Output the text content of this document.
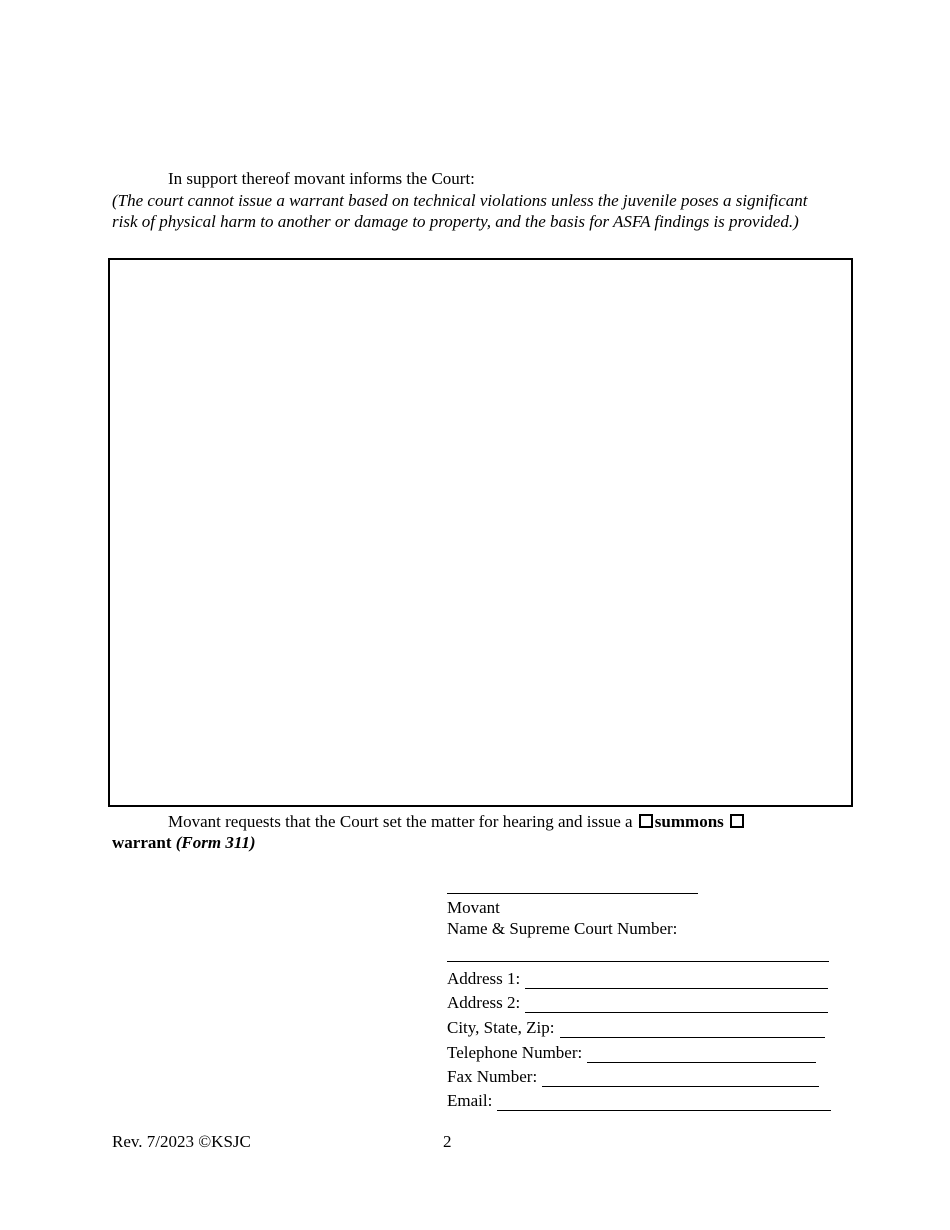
In support thereof movant informs the Court:
(The court cannot issue a warrant based on technical violations unless the juvenile poses a significant risk of physical harm to another or damage to property, and the basis for ASFA findings is provided.)
Movant requests that the Court set the matter for hearing and issue a summons
warrant (Form 311)
Movant
Name & Supreme Court Number:
Address 1:
Address 2:
City, State, Zip:
Telephone Number:
Fax Number:
Email:
Rev. 7/2023 ©KSJC	2
